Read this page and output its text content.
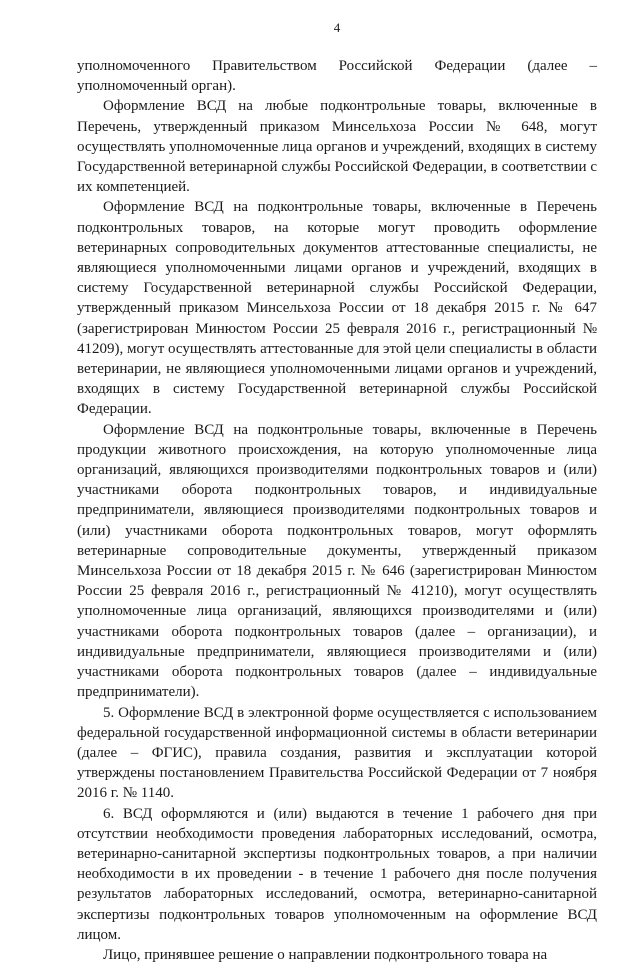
4

уполномоченного Правительством Российской Федерации (далее – уполномоченный орган).

Оформление ВСД на любые подконтрольные товары, включенные в Перечень, утвержденный приказом Минсельхоза России № 648, могут осуществлять уполномоченные лица органов и учреждений, входящих в систему Государственной ветеринарной службы Российской Федерации, в соответствии с их компетенцией.

Оформление ВСД на подконтрольные товары, включенные в Перечень подконтрольных товаров, на которые могут проводить оформление ветеринарных сопроводительных документов аттестованные специалисты, не являющиеся уполномоченными лицами органов и учреждений, входящих в систему Государственной ветеринарной службы Российской Федерации, утвержденный приказом Минсельхоза России от 18 декабря 2015 г. № 647 (зарегистрирован Минюстом России 25 февраля 2016 г., регистрационный № 41209), могут осуществлять аттестованные для этой цели специалисты в области ветеринарии, не являющиеся уполномоченными лицами органов и учреждений, входящих в систему Государственной ветеринарной службы Российской Федерации.

Оформление ВСД на подконтрольные товары, включенные в Перечень продукции животного происхождения, на которую уполномоченные лица организаций, являющихся производителями подконтрольных товаров и (или) участниками оборота подконтрольных товаров, и индивидуальные предприниматели, являющиеся производителями подконтрольных товаров и (или) участниками оборота подконтрольных товаров, могут оформлять ветеринарные сопроводительные документы, утвержденный приказом Минсельхоза России от 18 декабря 2015 г. № 646 (зарегистрирован Минюстом России 25 февраля 2016 г., регистрационный № 41210), могут осуществлять уполномоченные лица организаций, являющихся производителями и (или) участниками оборота подконтрольных товаров (далее – организации), и индивидуальные предприниматели, являющиеся производителями и (или) участниками оборота подконтрольных товаров (далее – индивидуальные предприниматели).

5. Оформление ВСД в электронной форме осуществляется с использованием федеральной государственной информационной системы в области ветеринарии (далее – ФГИС), правила создания, развития и эксплуатации которой утверждены постановлением Правительства Российской Федерации от 7 ноября 2016 г. № 1140.

6. ВСД оформляются и (или) выдаются в течение 1 рабочего дня при отсутствии необходимости проведения лабораторных исследований, осмотра, ветеринарно-санитарной экспертизы подконтрольных товаров, а при наличии необходимости в их проведении - в течение 1 рабочего дня после получения результатов лабораторных исследований, осмотра, ветеринарно-санитарной экспертизы подконтрольных товаров уполномоченным на оформление ВСД лицом.

Лицо, принявшее решение о направлении подконтрольного товара на
